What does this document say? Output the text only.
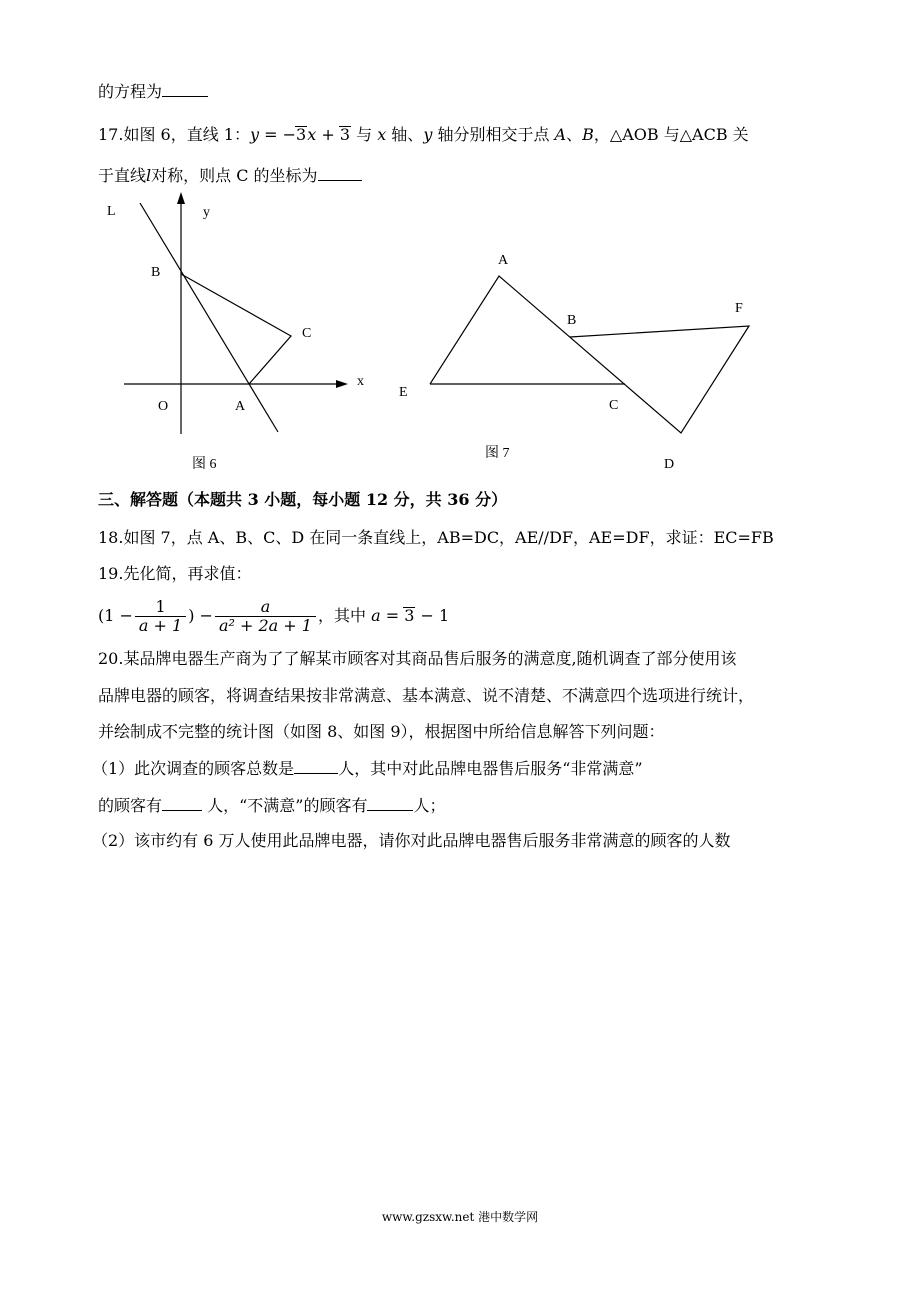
的方程为
17.如图 6，直线 1：y = −3x + 3 与 x 轴、y 轴分别相交于点 A、B，△AOB 与△ACB 关
于直线l对称，则点 C 的坐标为
L	y
B
C
x
O	A
图 6
A
B
F
E
C
D
图 7
三、解答题（本题共 3 小题，每小题 12 分，共 36 分）
18.如图 7，点 A、B、C、D 在同一条直线上，AB=DC，AE//DF，AE=DF，求证：EC=FB
19.先化简，再求值：
($1 - \frac{1}{a + 1}$ ) − $\frac{a}{\text{a² + 2a + 1}}$ ，其中 a = 3 − 1
20.某品牌电器生产商为了了解某市顾客对其商品售后服务的满意度,随机调查了部分使用该
品牌电器的顾客，将调查结果按非常满意、基本满意、说不清楚、不满意四个选项进行统计，
并绘制成不完整的统计图（如图 8、如图 9），根据图中所给信息解答下列问题：
（1）此次调查的顾客总数是	人，其中对此品牌电器售后服务“非常满意”
的顾客有	人，“不满意”的顾客有	人；
（2）该市约有 6 万人使用此品牌电器，请你对此品牌电器售后服务非常满意的顾客的人数
www.gzsxw.net 港中数学网
